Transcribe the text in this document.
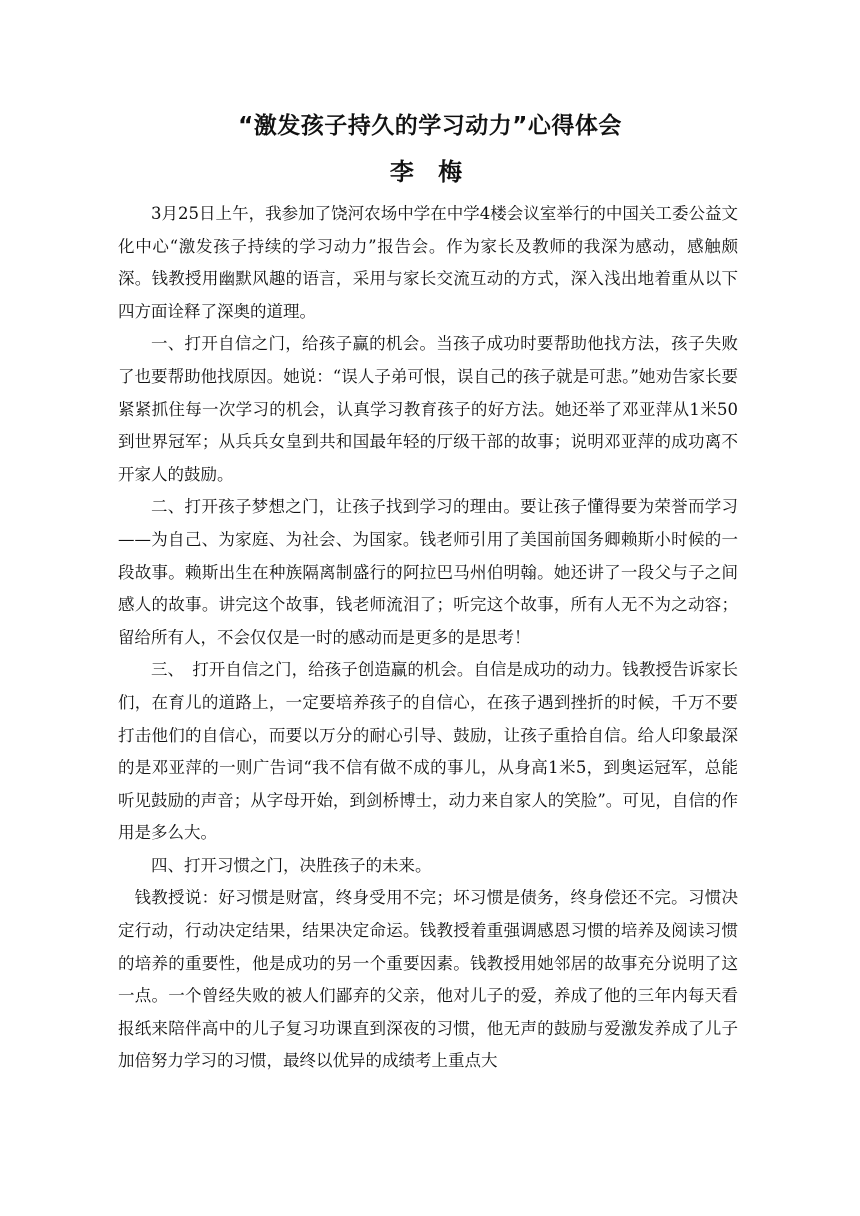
“激发孩子持久的学习动力”心得体会
李 梅

3月25日上午，我参加了饶河农场中学在中学4楼会议室举行的中国关工委公益文化中心“激发孩子持续的学习动力”报告会。作为家长及教师的我深为感动，感触颇深。钱教授用幽默风趣的语言，采用与家长交流互动的方式，深入浅出地着重从以下四方面诠释了深奥的道理。

一、打开自信之门，给孩子赢的机会。当孩子成功时要帮助他找方法，孩子失败了也要帮助他找原因。她说：“误人子弟可恨，误自己的孩子就是可悲。”她劝告家长要紧紧抓住每一次学习的机会，认真学习教育孩子的好方法。她还举了邓亚萍从1米50到世界冠军；从兵兵女皇到共和国最年轻的厅级干部的故事；说明邓亚萍的成功离不开家人的鼓励。

二、打开孩子梦想之门，让孩子找到学习的理由。要让孩子懂得要为荣誉而学习——为自己、为家庭、为社会、为国家。钱老师引用了美国前国务卿赖斯小时候的一段故事。赖斯出生在种族隔离制盛行的阿拉巴马州伯明翰。她还讲了一段父与子之间感人的故事。讲完这个故事，钱老师流泪了；听完这个故事，所有人无不为之动容；留给所有人，不会仅仅是一时的感动而是更多的是思考！

三、　打开自信之门，给孩子创造赢的机会。自信是成功的动力。钱教授告诉家长们，在育儿的道路上，一定要培养孩子的自信心，在孩子遇到挫折的时候，千万不要打击他们的自信心，而要以万分的耐心引导、鼓励，让孩子重拾自信。给人印象最深的是邓亚萍的一则广告词“我不信有做不成的事儿，从身高1米5，到奥运冠军，总能听见鼓励的声音；从字母开始，到剑桥博士，动力来自家人的笑脸”。可见，自信的作用是多么大。

四、打开习惯之门，决胜孩子的未来。

钱教授说：好习惯是财富，终身受用不完；坏习惯是债务，终身偿还不完。习惯决定行动，行动决定结果，结果决定命运。钱教授着重强调感恩习惯的培养及阅读习惯的培养的重要性，他是成功的另一个重要因素。钱教授用她邻居的故事充分说明了这一点。一个曾经失败的被人们鄙弃的父亲，他对儿子的爱，养成了他的三年内每天看报纸来陪伴高中的儿子复习功课直到深夜的习惯，他无声的鼓励与爱激发养成了儿子加倍努力学习的习惯，最终以优异的成绩考上重点大
